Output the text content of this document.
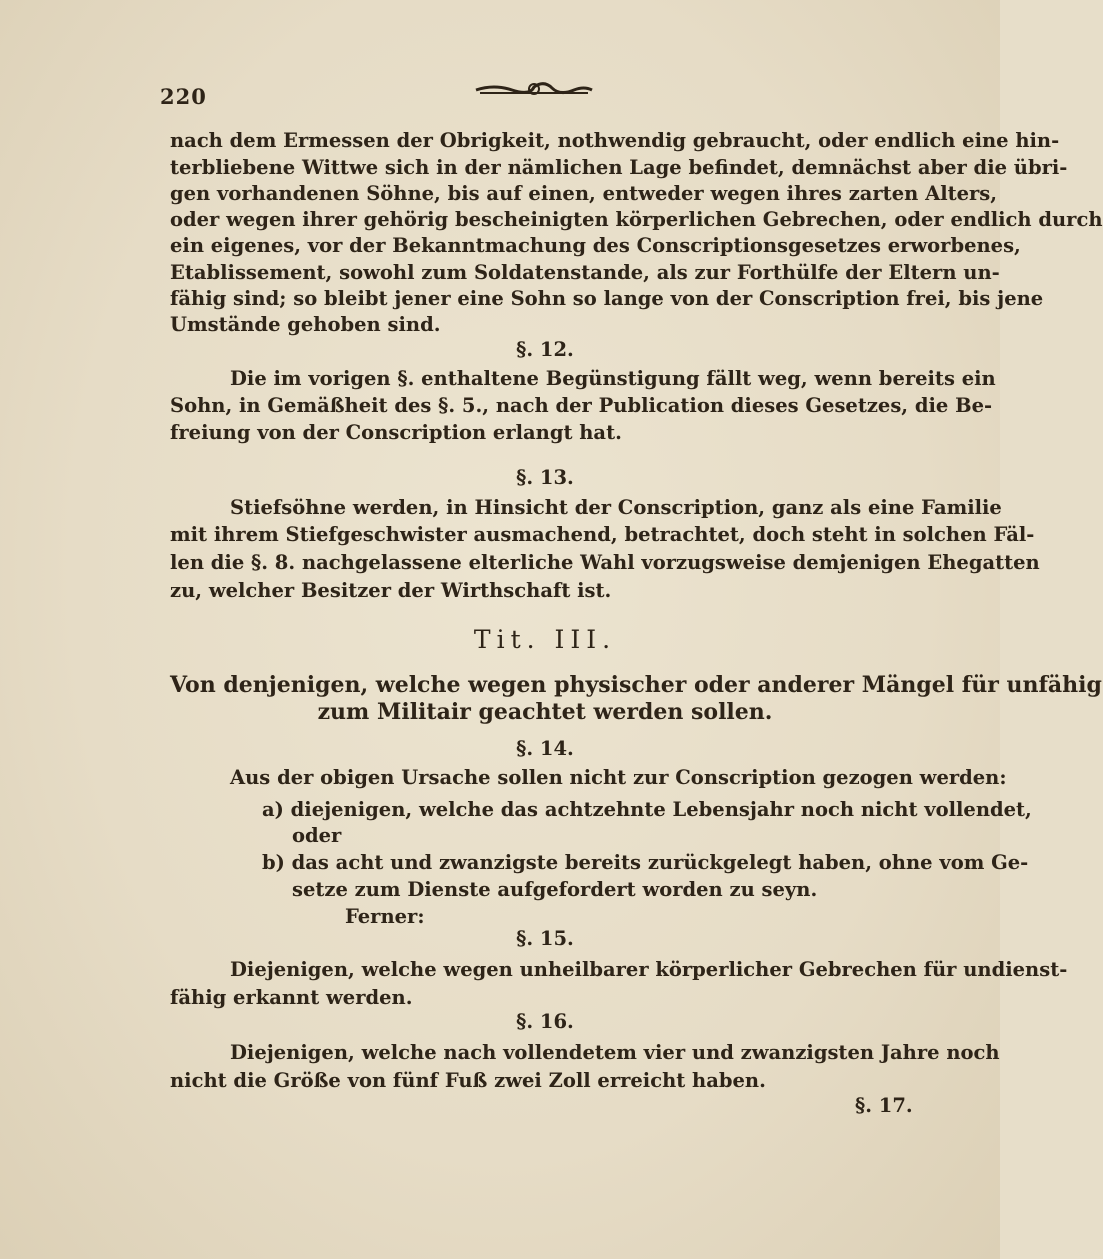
220
nach dem Ermessen der Obrigkeit, nothwendig gebraucht, oder endlich eine hin-
terbliebene Wittwe sich in der nämlichen Lage befindet, demnächst aber die übri-
gen vorhandenen Söhne, bis auf einen, entweder wegen ihres zarten Alters,
oder wegen ihrer gehörig bescheinigten körperlichen Gebrechen, oder endlich durch
ein eigenes, vor der Bekanntmachung des Conscriptionsgesetzes erworbenes,
Etablissement, sowohl zum Soldatenstande, als zur Forthülfe der Eltern un-
fähig sind; so bleibt jener eine Sohn so lange von der Conscription frei, bis jene
Umstände gehoben sind.
§. 12.
Die im vorigen §. enthaltene Begünstigung fällt weg, wenn bereits ein
Sohn, in Gemäßheit des §. 5., nach der Publication dieses Gesetzes, die Be-
freiung von der Conscription erlangt hat.
§. 13.
Stiefsöhne werden, in Hinsicht der Conscription, ganz als eine Familie
mit ihrem Stiefgeschwister ausmachend, betrachtet, doch steht in solchen Fäl-
len die §. 8. nachgelassene elterliche Wahl vorzugsweise demjenigen Ehegatten
zu, welcher Besitzer der Wirthschaft ist.
Tit. III.
Von denjenigen, welche wegen physischer oder anderer Mängel für unfähig
zum Militair geachtet werden sollen.
§. 14.
Aus der obigen Ursache sollen nicht zur Conscription gezogen werden:
a) diejenigen, welche das achtzehnte Lebensjahr noch nicht vollendet,
oder
b) das acht und zwanzigste bereits zurückgelegt haben, ohne vom Ge-
setze zum Dienste aufgefordert worden zu seyn.
Ferner:
§. 15.
Diejenigen, welche wegen unheilbarer körperlicher Gebrechen für undienst-
fähig erkannt werden.
§. 16.
Diejenigen, welche nach vollendetem vier und zwanzigsten Jahre noch
nicht die Größe von fünf Fuß zwei Zoll erreicht haben.
§. 17.
